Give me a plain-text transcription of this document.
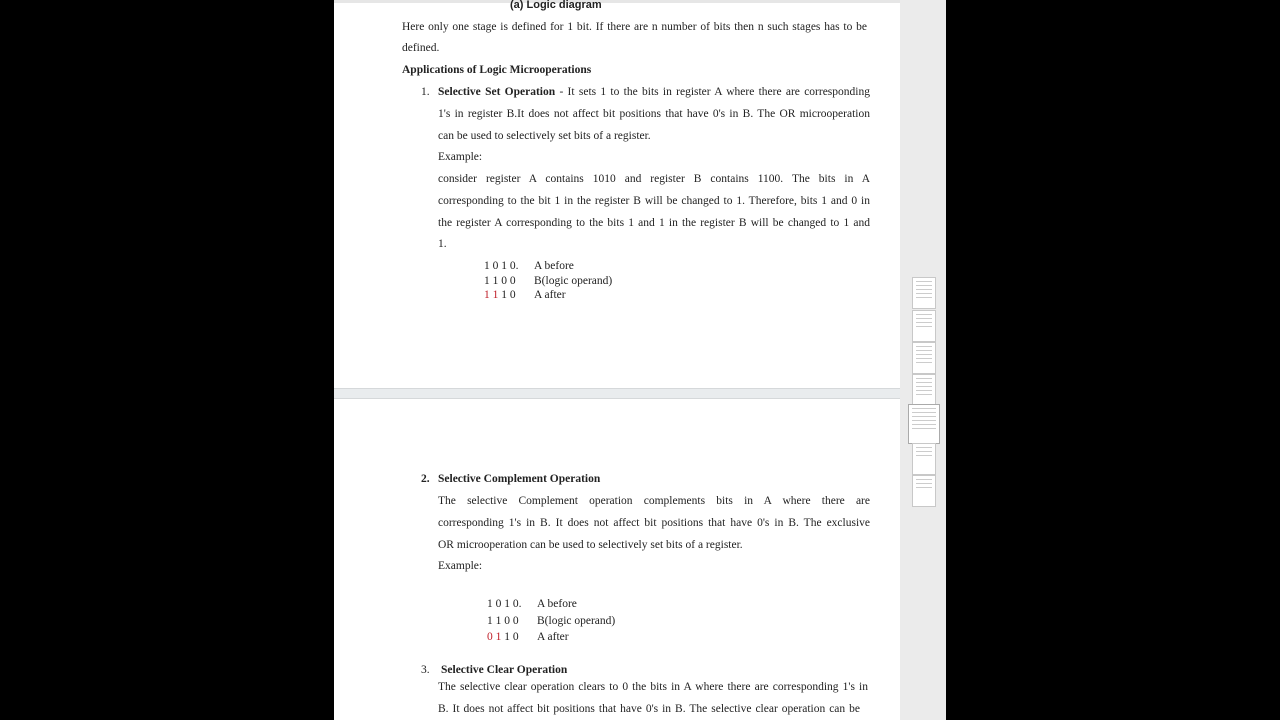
(a) Logic diagram
Here only one stage is defined for 1 bit. If there are n number of bits then n such stages has to be
defined.
Applications of Logic Microoperations
1. Selective Set Operation - It sets 1 to the bits in register A where there are corresponding
1's in register B.It does not affect bit positions that have 0's in B. The OR microoperation
can be used to selectively set bits of a register.
Example:
consider register A contains 1010 and register B contains 1100. The bits in A
corresponding to the bit 1 in the register B will be changed to 1. Therefore, bits 1 and 0 in
the register A corresponding to the bits 1 and 1 in the register B will be changed to 1 and
1.
1 0 1 0. A before
1 1 0 0 B(logic operand)
1 1 1 0 A after
2. Selective Complement Operation
The selective Complement operation complements bits in A where there are
corresponding 1's in B. It does not affect bit positions that have 0's in B. The exclusive
OR microoperation can be used to selectively set bits of a register.
Example:
1 0 1 0. A before
1 1 0 0 B(logic operand)
0 1 1 0 A after
3. Selective Clear Operation
The selective clear operation clears to 0 the bits in A where there are corresponding 1's in
B. It does not affect bit positions that have 0's in B. The selective clear operation can be
